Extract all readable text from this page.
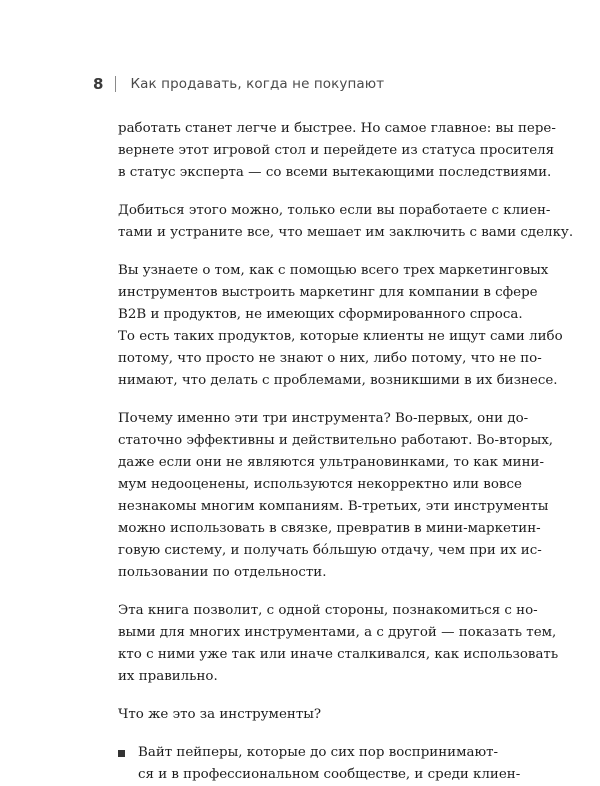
8 Как продавать, когда не покупают

работать станет легче и быстрее. Но самое главное: вы пере-
вернете этот игровой стол и перейдете из статуса просителя
в статус эксперта — со всеми вытекающими последствиями.

Добиться этого можно, только если вы поработаете с клиен-
тами и устраните все, что мешает им заключить с вами сделку.

Вы узнаете о том, как с помощью всего трех маркетинговых
инструментов выстроить маркетинг для компании в сфере
B2B и продуктов, не имеющих сформированного спроса.
То есть таких продуктов, которые клиенты не ищут сами либо
потому, что просто не знают о них, либо потому, что не по-
нимают, что делать с проблемами, возникшими в их бизнесе.

Почему именно эти три инструмента? Во-первых, они до-
статочно эффективны и действительно работают. Во-вторых,
даже если они не являются ультрановинками, то как мини-
мум недооценены, используются некорректно или вовсе
незнакомы многим компаниям. В-третьих, эти инструменты
можно использовать в связке, превратив в мини-маркетин-
говую систему, и получать бóльшую отдачу, чем при их ис-
пользовании по отдельности.

Эта книга позволит, с одной стороны, познакомиться с но-
выми для многих инструментами, а с другой — показать тем,
кто с ними уже так или иначе сталкивался, как использовать
их правильно.

Что же это за инструменты?

Вайт пейперы, которые до сих пор воспринимают-
ся и в профессиональном сообществе, и среди клиен-
